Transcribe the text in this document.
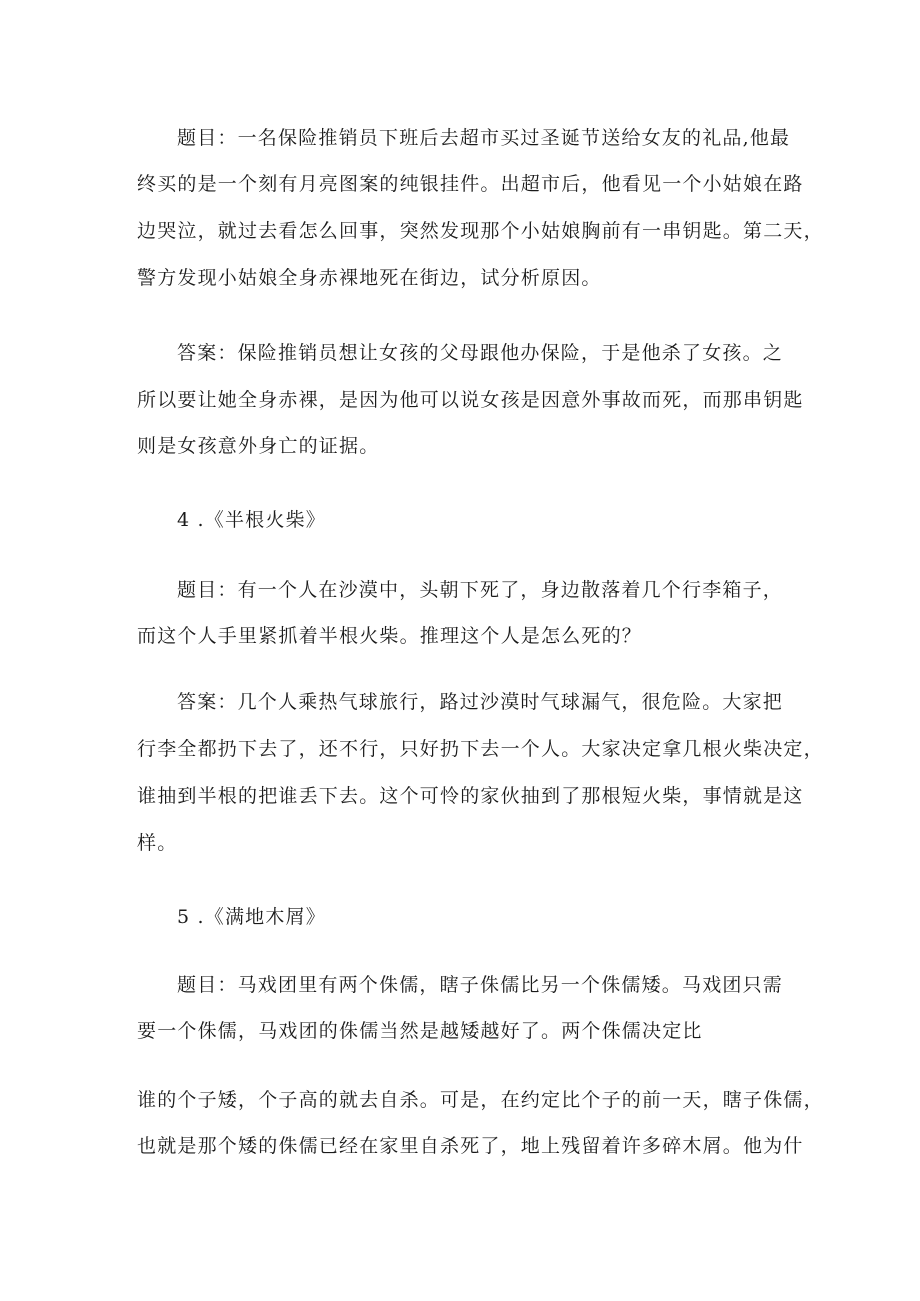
题目：一名保险推销员下班后去超市买过圣诞节送给女友的礼品,他最
终买的是一个刻有月亮图案的纯银挂件。出超市后，他看见一个小姑娘在路
边哭泣，就过去看怎么回事，突然发现那个小姑娘胸前有一串钥匙。第二天，
警方发现小姑娘全身赤裸地死在街边，试分析原因。
答案：保险推销员想让女孩的父母跟他办保险，于是他杀了女孩。之
所以要让她全身赤裸，是因为他可以说女孩是因意外事故而死，而那串钥匙
则是女孩意外身亡的证据。
4 .《半根火柴》
题目：有一个人在沙漠中，头朝下死了，身边散落着几个行李箱子，
而这个人手里紧抓着半根火柴。推理这个人是怎么死的？
答案：几个人乘热气球旅行，路过沙漠时气球漏气，很危险。大家把
行李全都扔下去了，还不行，只好扔下去一个人。大家决定拿几根火柴决定，
谁抽到半根的把谁丢下去。这个可怜的家伙抽到了那根短火柴，事情就是这
样。
5 .《满地木屑》
题目：马戏团里有两个侏儒，瞎子侏儒比另一个侏儒矮。马戏团只需
要一个侏儒，马戏团的侏儒当然是越矮越好了。两个侏儒决定比
谁的个子矮，个子高的就去自杀。可是，在约定比个子的前一天，瞎子侏儒，
也就是那个矮的侏儒已经在家里自杀死了，地上残留着许多碎木屑。他为什
